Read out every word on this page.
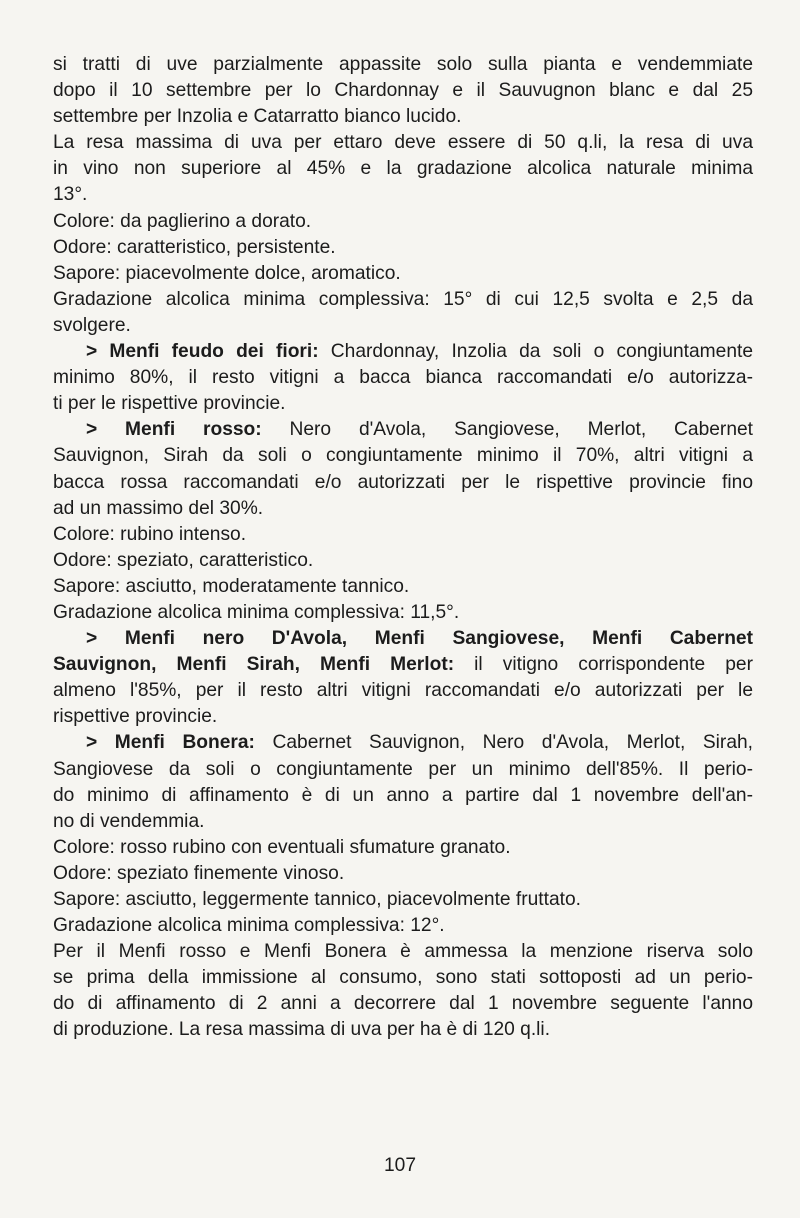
si tratti di uve parzialmente appassite solo sulla pianta e vendemmiate
dopo il 10 settembre per lo Chardonnay e il Sauvugnon blanc e dal 25
settembre per Inzolia e Catarratto bianco lucido.
La resa massima di uva per ettaro deve essere di 50 q.li, la resa di uva
in vino non superiore al 45% e la gradazione alcolica naturale minima
13°.
Colore: da paglierino a dorato.
Odore: caratteristico, persistente.
Sapore: piacevolmente dolce, aromatico.
Gradazione alcolica minima complessiva: 15° di cui 12,5 svolta e 2,5 da
svolgere.
> Menfi feudo dei fiori: Chardonnay, Inzolia da soli o congiuntamente
minimo 80%, il resto vitigni a bacca bianca raccomandati e/o autorizza-
ti per le rispettive provincie.
> Menfi rosso: Nero d'Avola, Sangiovese, Merlot, Cabernet
Sauvignon, Sirah da soli o congiuntamente minimo il 70%, altri vitigni a
bacca rossa raccomandati e/o autorizzati per le rispettive provincie fino
ad un massimo del 30%.
Colore: rubino intenso.
Odore: speziato, caratteristico.
Sapore: asciutto, moderatamente tannico.
Gradazione alcolica minima complessiva: 11,5°.
> Menfi nero D'Avola, Menfi Sangiovese, Menfi Cabernet
Sauvignon, Menfi Sirah, Menfi Merlot: il vitigno corrispondente per
almeno l'85%, per il resto altri vitigni raccomandati e/o autorizzati per le
rispettive provincie.
> Menfi Bonera: Cabernet Sauvignon, Nero d'Avola, Merlot, Sirah,
Sangiovese da soli o congiuntamente per un minimo dell'85%. Il perio-
do minimo di affinamento è di un anno a partire dal 1 novembre dell'an-
no di vendemmia.
Colore: rosso rubino con eventuali sfumature granato.
Odore: speziato finemente vinoso.
Sapore: asciutto, leggermente tannico, piacevolmente fruttato.
Gradazione alcolica minima complessiva: 12°.
Per il Menfi rosso e Menfi Bonera è ammessa la menzione riserva solo
se prima della immissione al consumo, sono stati sottoposti ad un perio-
do di affinamento di 2 anni a decorrere dal 1 novembre seguente l'anno
di produzione. La resa massima di uva per ha è di 120 q.li.
107
